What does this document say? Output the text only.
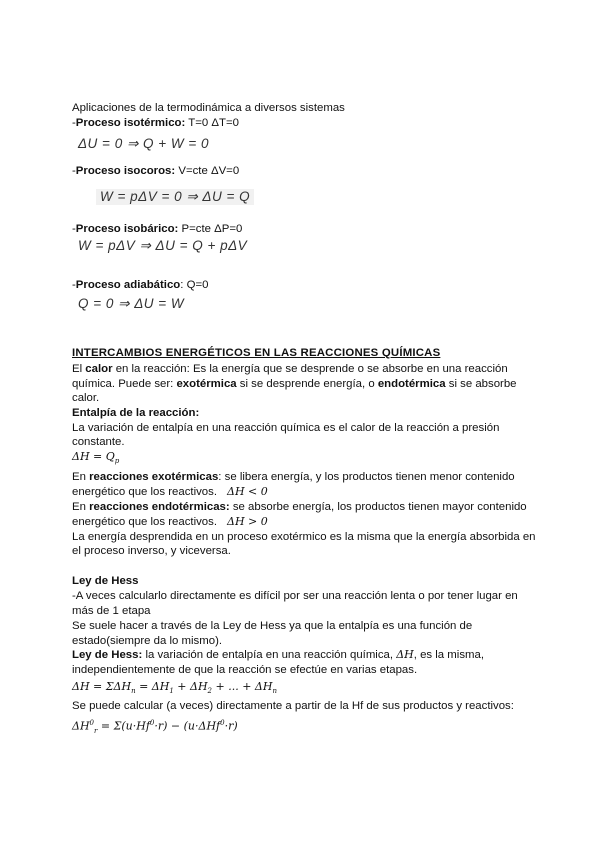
Aplicaciones de la termodinámica a diversos sistemas
-Proceso isotérmico: T=0 ΔT=0
ΔU = 0 ⇒ Q + W = 0
-Proceso isocoros: V=cte ΔV=0
W = pΔV = 0 ⇒ ΔU = Q
-Proceso isobárico: P=cte ΔP=0
W = pΔV ⇒ ΔU = Q + pΔV
-Proceso adiabático: Q=0
Q = 0 ⇒ ΔU = W
INTERCAMBIOS ENERGÉTICOS EN LAS REACCIONES QUÍMICAS
El calor en la reacción: Es la energía que se desprende o se absorbe en una reacción
química. Puede ser: exotérmica si se desprende energía, o endotérmica si se absorbe
calor.
Entalpía de la reacción:
La variación de entalpía en una reacción química es el calor de la reacción a presión
constante.
$\Delta H = Q_p$
En reacciones exotérmicas: se libera energía, y los productos tienen menor contenido
energético que los reactivos. ΔH < 0
En reacciones endotérmicas: se absorbe energía, los productos tienen mayor contenido
energético que los reactivos. ΔH > 0
La energía desprendida en un proceso exotérmico es la misma que la energía absorbida en
el proceso inverso, y viceversa.
Ley de Hess
-A veces calcularlo directamente es difícil por ser una reacción lenta o por tener lugar en
más de 1 etapa
Se suele hacer a través de la Ley de Hess ya que la entalpía es una función de
estado(siempre da lo mismo).
Ley de Hess: la variación de entalpía en una reacción química, ΔH, es la misma,
independientemente de que la reacción se efectúe en varias etapas.
$\Delta H = \Sigma\Delta H_n = \Delta H_1 + \Delta H_2$ + ... + $\Delta H_n$
Se puede calcular (a veces) directamente a partir de la Hf de sus productos y reactivos:
$\Delta H^0_r = \Sigma(u\cdot Hf^0\cdot r) - (u\cdot\Delta Hf^0\cdot r)$
